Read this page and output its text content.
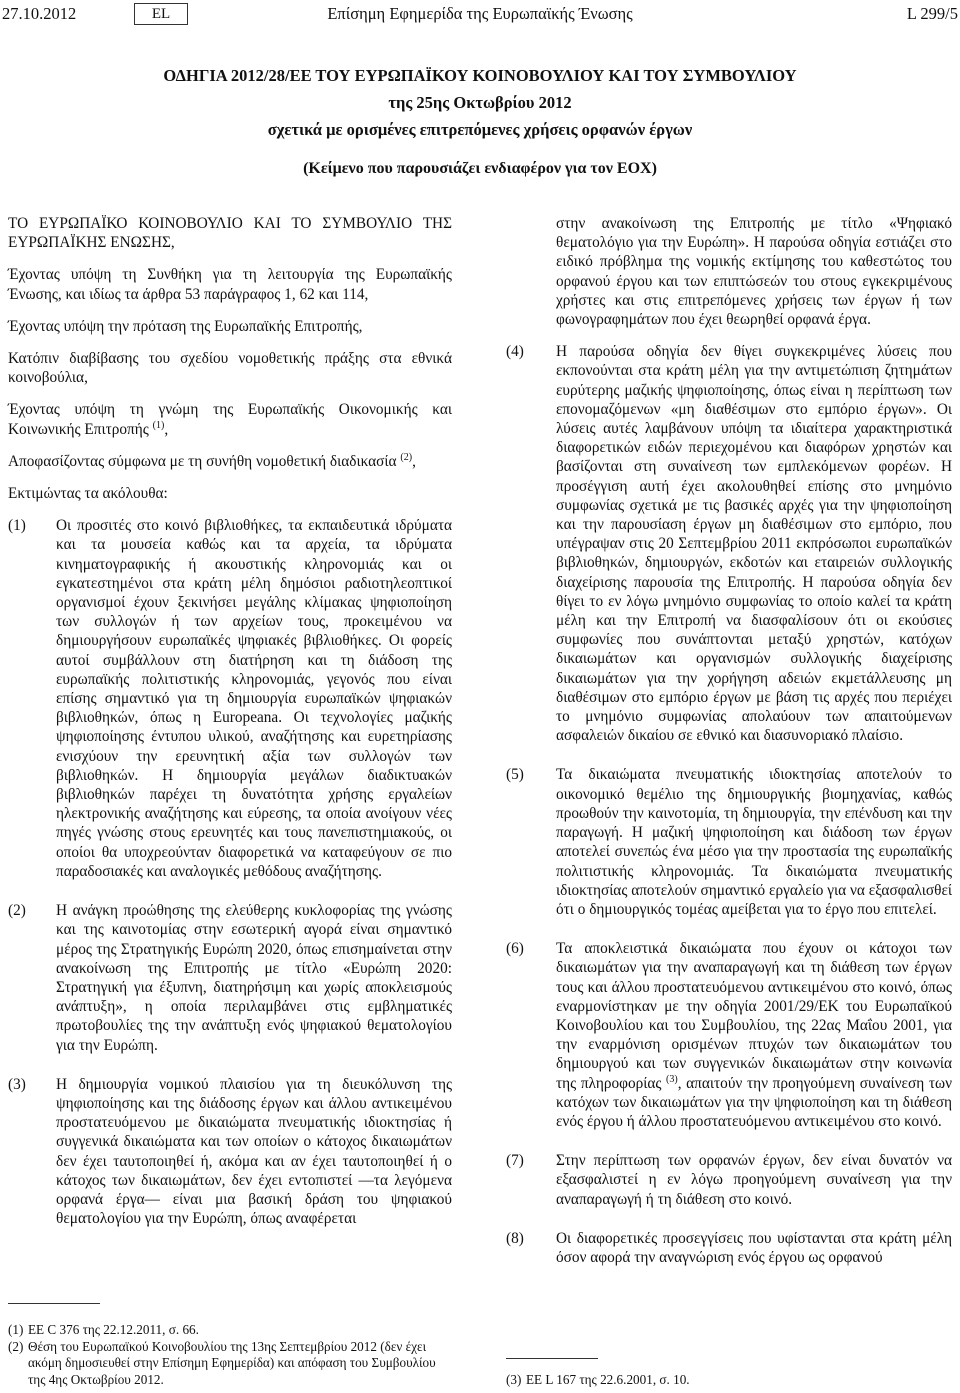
27.10.2012	EL	Επίσημη Εφημερίδα της Ευρωπαϊκής Ένωσης	L 299/5
ΟΔΗΓΙΑ 2012/28/ΕΕ ΤΟΥ ΕΥΡΩΠΑΪΚΟΥ ΚΟΙΝΟΒΟΥΛΙΟΥ ΚΑΙ ΤΟΥ ΣΥΜΒΟΥΛΙΟΥ
της 25ης Οκτωβρίου 2012
σχετικά με ορισμένες επιτρεπόμενες χρήσεις ορφανών έργων
(Κείμενο που παρουσιάζει ενδιαφέρον για τον ΕΟΧ)

ΤΟ ΕΥΡΩΠΑΪΚΟ ΚΟΙΝΟΒΟΥΛΙΟ ΚΑΙ ΤΟ ΣΥΜΒΟΥΛΙΟ ΤΗΣ ΕΥΡΩΠΑΪΚΗΣ ΕΝΩΣΗΣ,

Έχοντας υπόψη τη Συνθήκη για τη λειτουργία της Ευρωπαϊκής Ένωσης, και ιδίως τα άρθρα 53 παράγραφος 1, 62 και 114,

Έχοντας υπόψη την πρόταση της Ευρωπαϊκής Επιτροπής,

Κατόπιν διαβίβασης του σχεδίου νομοθετικής πράξης στα εθνικά κοινοβούλια,

Έχοντας υπόψη τη γνώμη της Ευρωπαϊκής Οικονομικής και Κοινωνικής Επιτροπής $^{(1)}$,

Αποφασίζοντας σύμφωνα με τη συνήθη νομοθετική διαδικασία $^{(2)}$,

Εκτιμώντας τα ακόλουθα:

(1) Οι προσιτές στο κοινό βιβλιοθήκες, τα εκπαιδευτικά ιδρύματα και τα μουσεία καθώς και τα αρχεία, τα ιδρύματα κινηματογραφικής ή ακουστικής κληρονομιάς και οι εγκατεστημένοι στα κράτη μέλη δημόσιοι ραδιοτηλεοπτικοί οργανισμοί έχουν ξεκινήσει μεγάλης κλίμακας ψηφιοποίηση των συλλογών ή των αρχείων τους, προκειμένου να δημιουργήσουν ευρωπαϊκές ψηφιακές βιβλιοθήκες. Οι φορείς αυτοί συμβάλλουν στη διατήρηση και τη διάδοση της ευρωπαϊκής πολιτιστικής κληρονομιάς, γεγονός που είναι επίσης σημαντικό για τη δημιουργία ευρωπαϊκών ψηφιακών βιβλιοθηκών, όπως η Europeana. Οι τεχνολογίες μαζικής ψηφιοποίησης έντυπου υλικού, αναζήτησης και ευρετηρίασης ενισχύουν την ερευνητική αξία των συλλογών των βιβλιοθηκών. Η δημιουργία μεγάλων διαδικτυακών βιβλιοθηκών παρέχει τη δυνατότητα χρήσης εργαλείων ηλεκτρονικής αναζήτησης και εύρεσης, τα οποία ανοίγουν νέες πηγές γνώσης στους ερευνητές και τους πανεπιστημιακούς, οι οποίοι θα υποχρεούνταν διαφορετικά να καταφεύγουν σε πιο παραδοσιακές και αναλογικές μεθόδους αναζήτησης.

(2) Η ανάγκη προώθησης της ελεύθερης κυκλοφορίας της γνώσης και της καινοτομίας στην εσωτερική αγορά είναι σημαντικό μέρος της Στρατηγικής Ευρώπη 2020, όπως επισημαίνεται στην ανακοίνωση της Επιτροπής με τίτλο «Ευρώπη 2020: Στρατηγική για έξυπνη, διατηρήσιμη και χωρίς αποκλεισμούς ανάπτυξη», η οποία περιλαμβάνει στις εμβληματικές πρωτοβουλίες της την ανάπτυξη ενός ψηφιακού θεματολογίου για την Ευρώπη.

(3) Η δημιουργία νομικού πλαισίου για τη διευκόλυνση της ψηφιοποίησης και της διάδοσης έργων και άλλου αντικειμένου προστατευόμενου με δικαιώματα πνευματικής ιδιοκτησίας ή συγγενικά δικαιώματα και των οποίων ο κάτοχος δικαιωμάτων δεν έχει ταυτοποιηθεί ή, ακόμα και αν έχει ταυτοποιηθεί ή ο κάτοχος των δικαιωμάτων, δεν έχει εντοπιστεί —τα λεγόμενα ορφανά έργα— είναι μια βασική δράση του ψηφιακού θεματολογίου για την Ευρώπη, όπως αναφέρεται

(1) ΕΕ C 376 της 22.12.2011, σ. 66.
(2) Θέση του Ευρωπαϊκού Κοινοβουλίου της 13ης Σεπτεμβρίου 2012 (δεν έχει ακόμη δημοσιευθεί στην Επίσημη Εφημερίδα) και απόφαση του Συμβουλίου της 4ης Οκτωβρίου 2012.

στην ανακοίνωση της Επιτροπής με τίτλο «Ψηφιακό θεματολόγιο για την Ευρώπη». Η παρούσα οδηγία εστιάζει στο ειδικό πρόβλημα της νομικής εκτίμησης του καθεστώτος του ορφανού έργου και των επιπτώσεών του στους εγκεκριμένους χρήστες και στις επιτρεπόμενες χρήσεις των έργων ή των φωνογραφημάτων που έχει θεωρηθεί ορφανά έργα.

(4) Η παρούσα οδηγία δεν θίγει συγκεκριμένες λύσεις που εκπονούνται στα κράτη μέλη για την αντιμετώπιση ζητημάτων ευρύτερης μαζικής ψηφιοποίησης, όπως είναι η περίπτωση των επονομαζόμενων «μη διαθέσιμων στο εμπόριο έργων». Οι λύσεις αυτές λαμβάνουν υπόψη τα ιδιαίτερα χαρακτηριστικά διαφορετικών ειδών περιεχομένου και διαφόρων χρηστών και βασίζονται στη συναίνεση των εμπλεκόμενων φορέων. Η προσέγγιση αυτή έχει ακολουθηθεί επίσης στο μνημόνιο συμφωνίας σχετικά με τις βασικές αρχές για την ψηφιοποίηση και την παρουσίαση έργων μη διαθέσιμων στο εμπόριο, που υπέγραψαν στις 20 Σεπτεμβρίου 2011 εκπρόσωποι ευρωπαϊκών βιβλιοθηκών, δημιουργών, εκδοτών και εταιρειών συλλογικής διαχείρισης παρουσία της Επιτροπής. Η παρούσα οδηγία δεν θίγει το εν λόγω μνημόνιο συμφωνίας το οποίο καλεί τα κράτη μέλη και την Επιτροπή να διασφαλίσουν ότι οι εκούσιες συμφωνίες που συνάπτονται μεταξύ χρηστών, κατόχων δικαιωμάτων και οργανισμών συλλογικής διαχείρισης δικαιωμάτων για την χορήγηση αδειών εκμετάλλευσης μη διαθέσιμων στο εμπόριο έργων με βάση τις αρχές που περιέχει το μνημόνιο συμφωνίας απολαύουν των απαιτούμενων ασφαλειών δικαίου σε εθνικό και διασυνοριακό πλαίσιο.

(5) Τα δικαιώματα πνευματικής ιδιοκτησίας αποτελούν το οικονομικό θεμέλιο της δημιουργικής βιομηχανίας, καθώς προωθούν την καινοτομία, τη δημιουργία, την επένδυση και την παραγωγή. Η μαζική ψηφιοποίηση και διάδοση των έργων αποτελεί συνεπώς ένα μέσο για την προστασία της ευρωπαϊκής πολιτιστικής κληρονομιάς. Τα δικαιώματα πνευματικής ιδιοκτησίας αποτελούν σημαντικό εργαλείο για να εξασφαλισθεί ότι ο δημιουργικός τομέας αμείβεται για το έργο που επιτελεί.

(6) Τα αποκλειστικά δικαιώματα που έχουν οι κάτοχοι των δικαιωμάτων για την αναπαραγωγή και τη διάθεση των έργων τους και άλλου προστατευόμενου αντικειμένου στο κοινό, όπως εναρμονίστηκαν με την οδηγία 2001/29/ΕΚ του Ευρωπαϊκού Κοινοβουλίου και του Συμβουλίου, της 22ας Μαΐου 2001, για την εναρμόνιση ορισμένων πτυχών των δικαιωμάτων του δημιουργού και των συγγενικών δικαιωμάτων στην κοινωνία της πληροφορίας $^{(3)}$, απαιτούν την προηγούμενη συναίνεση των κατόχων των δικαιωμάτων για την ψηφιοποίηση και τη διάθεση ενός έργου ή άλλου προστατευόμενου αντικειμένου στο κοινό.

(7) Στην περίπτωση των ορφανών έργων, δεν είναι δυνατόν να εξασφαλιστεί η εν λόγω προηγούμενη συναίνεση για την αναπαραγωγή ή τη διάθεση στο κοινό.

(8) Οι διαφορετικές προσεγγίσεις που υφίστανται στα κράτη μέλη όσον αφορά την αναγνώριση ενός έργου ως ορφανού

(3) ΕΕ L 167 της 22.6.2001, σ. 10.
